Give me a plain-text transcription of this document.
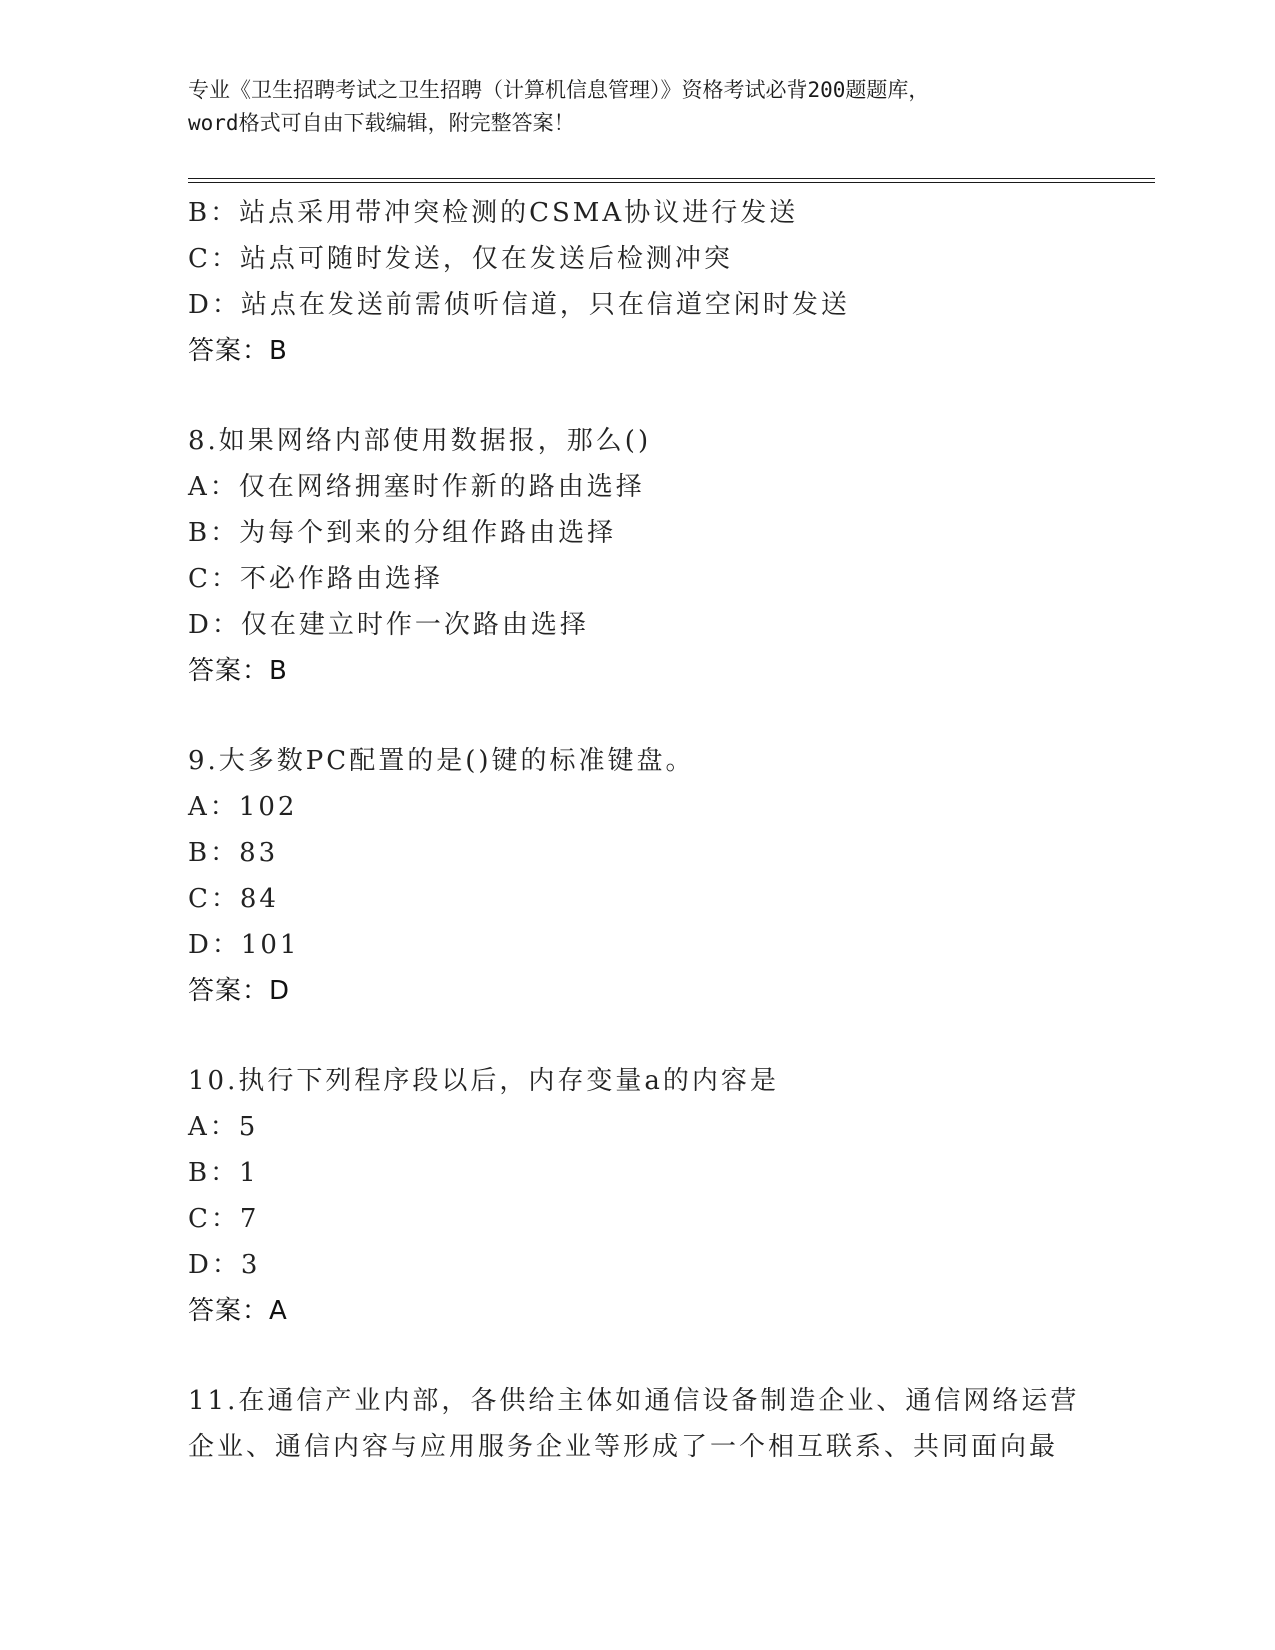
专业《卫生招聘考试之卫生招聘（计算机信息管理）》资格考试必背200题题库，
word格式可自由下载编辑，附完整答案！
B：站点采用带冲突检测的CSMA协议进行发送
C：站点可随时发送，仅在发送后检测冲突
D：站点在发送前需侦听信道，只在信道空闲时发送
答案：B
8.如果网络内部使用数据报，那么()
A：仅在网络拥塞时作新的路由选择
B：为每个到来的分组作路由选择
C：不必作路由选择
D：仅在建立时作一次路由选择
答案：B
9.大多数PC配置的是()键的标准键盘。
A：102
B：83
C：84
D：101
答案：D
10.执行下列程序段以后，内存变量a的内容是
A：5
B：1
C：7
D：3
答案：A
11.在通信产业内部，各供给主体如通信设备制造企业、通信网络运营
企业、通信内容与应用服务企业等形成了一个相互联系、共同面向最
